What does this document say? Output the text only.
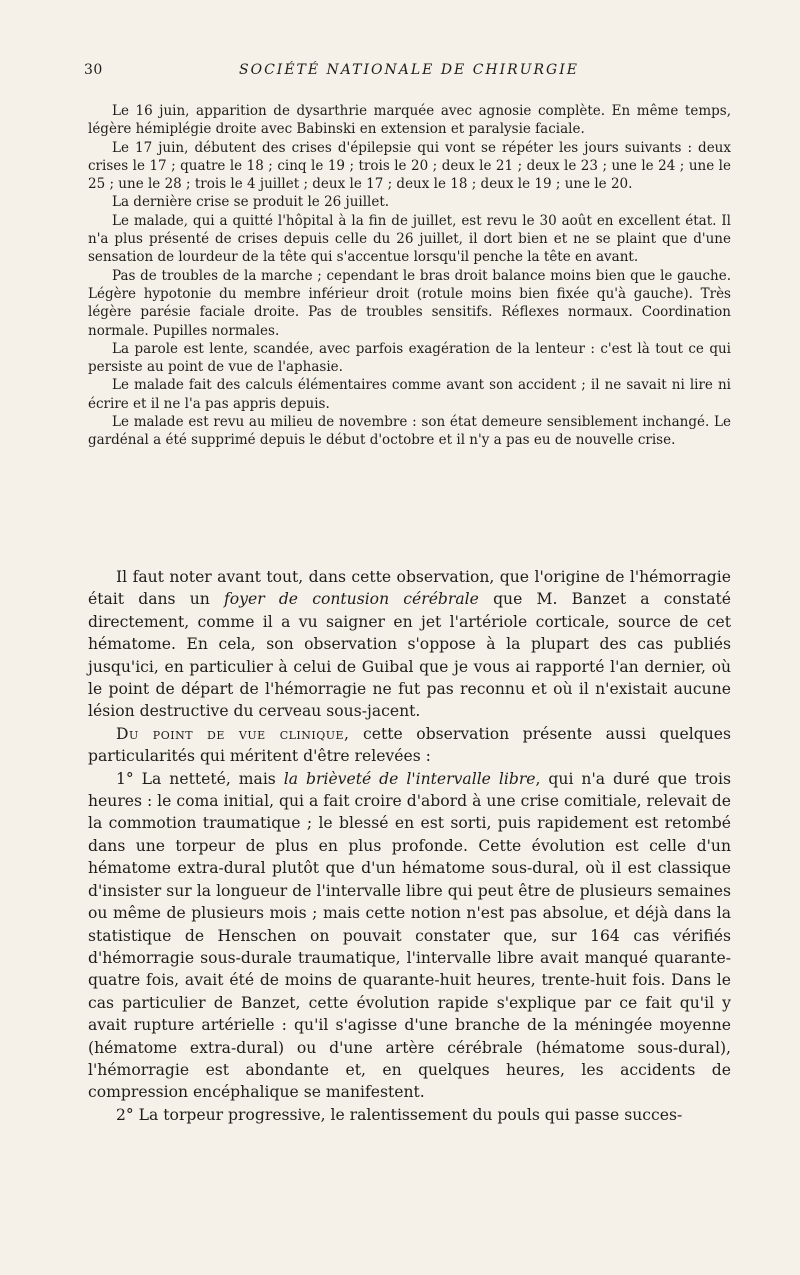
30	SOCIÉTÉ NATIONALE DE CHIRURGIE

Le 16 juin, apparition de dysarthrie marquée avec agnosie complète. En même temps, légère hémiplégie droite avec Babinski en extension et paralysie faciale.

Le 17 juin, débutent des crises d'épilepsie qui vont se répéter les jours suivants : deux crises le 17 ; quatre le 18 ; cinq le 19 ; trois le 20 ; deux le 21 ; deux le 23 ; une le 24 ; une le 25 ; une le 28 ; trois le 4 juillet ; deux le 17 ; deux le 18 ; deux le 19 ; une le 20.

La dernière crise se produit le 26 juillet.

Le malade, qui a quitté l'hôpital à la fin de juillet, est revu le 30 août en excellent état. Il n'a plus présenté de crises depuis celle du 26 juillet, il dort bien et ne se plaint que d'une sensation de lourdeur de la tête qui s'accentue lorsqu'il penche la tête en avant.

Pas de troubles de la marche ; cependant le bras droit balance moins bien que le gauche. Légère hypotonie du membre inférieur droit (rotule moins bien fixée qu'à gauche). Très légère parésie faciale droite. Pas de troubles sensitifs. Réflexes normaux. Coordination normale. Pupilles normales.

La parole est lente, scandée, avec parfois exagération de la lenteur : c'est là tout ce qui persiste au point de vue de l'aphasie.

Le malade fait des calculs élémentaires comme avant son accident ; il ne savait ni lire ni écrire et il ne l'a pas appris depuis.

Le malade est revu au milieu de novembre : son état demeure sensiblement inchangé. Le gardénal a été supprimé depuis le début d'octobre et il n'y a pas eu de nouvelle crise.

Il faut noter avant tout, dans cette observation, que l'origine de l'hémorragie était dans un foyer de contusion cérébrale que M. Banzet a constaté directement, comme il a vu saigner en jet l'artériole corticale, source de cet hématome. En cela, son observation s'oppose à la plupart des cas publiés jusqu'ici, en particulier à celui de Guibal que je vous ai rapporté l'an dernier, où le point de départ de l'hémorragie ne fut pas reconnu et où il n'existait aucune lésion destructive du cerveau sous-jacent.

Du point de vue clinique, cette observation présente aussi quelques particularités qui méritent d'être relevées :

1° La netteté, mais la brièveté de l'intervalle libre, qui n'a duré que trois heures : le coma initial, qui a fait croire d'abord à une crise comitiale, relevait de la commotion traumatique ; le blessé en est sorti, puis rapidement est retombé dans une torpeur de plus en plus profonde. Cette évolution est celle d'un hématome extra-dural plutôt que d'un hématome sous-dural, où il est classique d'insister sur la longueur de l'intervalle libre qui peut être de plusieurs semaines ou même de plusieurs mois ; mais cette notion n'est pas absolue, et déjà dans la statistique de Henschen on pouvait constater que, sur 164 cas vérifiés d'hémorragie sous-durale traumatique, l'intervalle libre avait manqué quarante-quatre fois, avait été de moins de quarante-huit heures, trente-huit fois. Dans le cas particulier de Banzet, cette évolution rapide s'explique par ce fait qu'il y avait rupture artérielle : qu'il s'agisse d'une branche de la méningée moyenne (hématome extra-dural) ou d'une artère cérébrale (hématome sous-dural), l'hémorragie est abondante et, en quelques heures, les accidents de compression encéphalique se manifestent.

2° La torpeur progressive, le ralentissement du pouls qui passe succes-
